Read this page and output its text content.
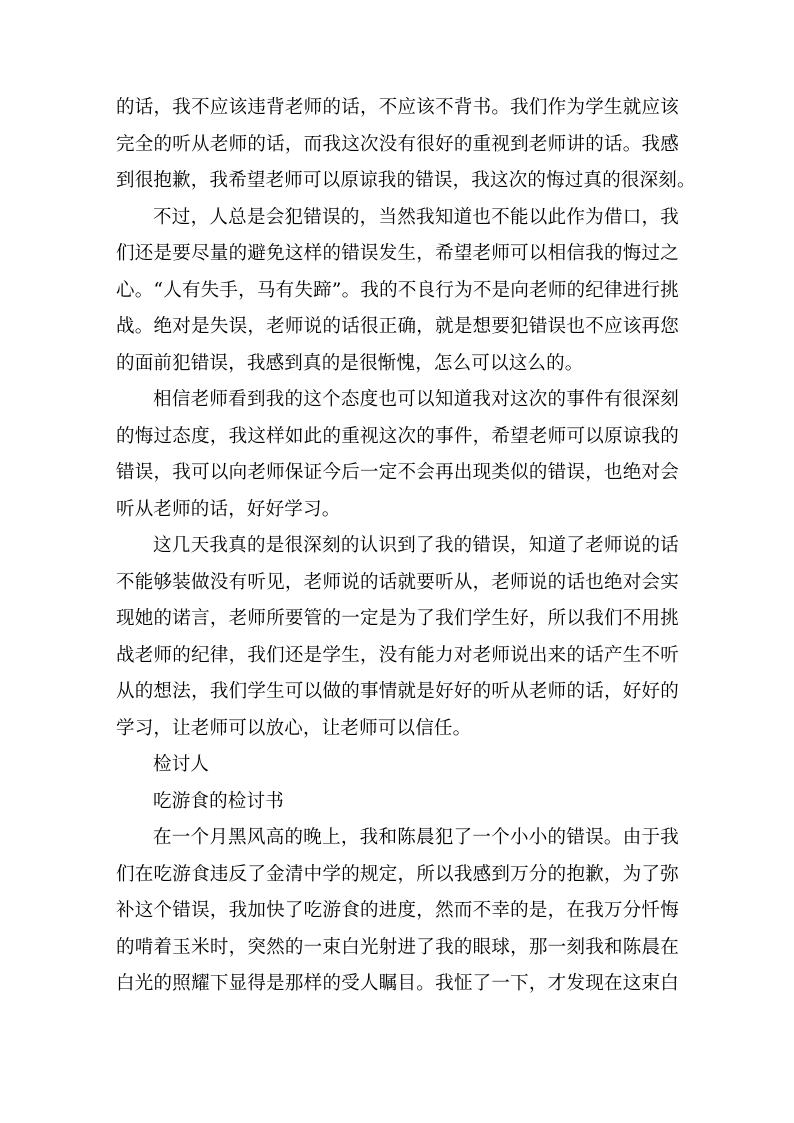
的话，我不应该违背老师的话，不应该不背书。我们作为学生就应该
完全的听从老师的话，而我这次没有很好的重视到老师讲的话。我感
到很抱歉，我希望老师可以原谅我的错误，我这次的悔过真的很深刻。
不过，人总是会犯错误的，当然我知道也不能以此作为借口，我
们还是要尽量的避免这样的错误发生，希望老师可以相信我的悔过之
心。“人有失手，马有失蹄”。我的不良行为不是向老师的纪律进行挑
战。绝对是失误，老师说的话很正确，就是想要犯错误也不应该再您
的面前犯错误，我感到真的是很惭愧，怎么可以这么的。
相信老师看到我的这个态度也可以知道我对这次的事件有很深刻
的悔过态度，我这样如此的重视这次的事件，希望老师可以原谅我的
错误，我可以向老师保证今后一定不会再出现类似的错误，也绝对会
听从老师的话，好好学习。
这几天我真的是很深刻的认识到了我的错误，知道了老师说的话
不能够装做没有听见，老师说的话就要听从，老师说的话也绝对会实
现她的诺言，老师所要管的一定是为了我们学生好，所以我们不用挑
战老师的纪律，我们还是学生，没有能力对老师说出来的话产生不听
从的想法，我们学生可以做的事情就是好好的听从老师的话，好好的
学习，让老师可以放心，让老师可以信任。
检讨人
吃游食的检讨书
在一个月黑风高的晚上，我和陈晨犯了一个小小的错误。由于我
们在吃游食违反了金清中学的规定，所以我感到万分的抱歉，为了弥
补这个错误，我加快了吃游食的进度，然而不幸的是，在我万分忏悔
的啃着玉米时，突然的一束白光射进了我的眼球，那一刻我和陈晨在
白光的照耀下显得是那样的受人瞩目。我怔了一下，才发现在这束白
